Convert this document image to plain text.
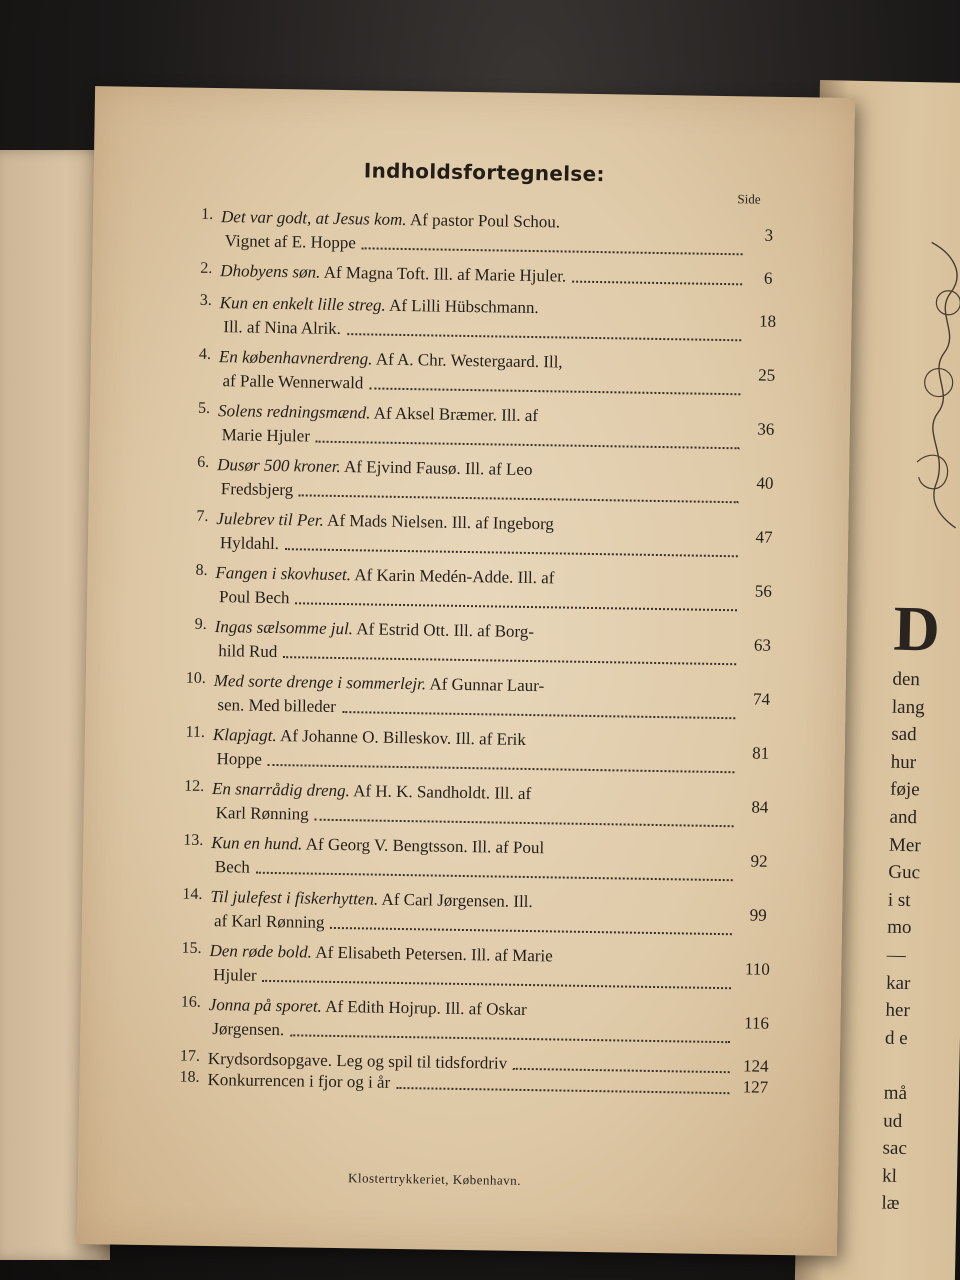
D
den
lang
sad
hur
føje
and
Mer
Guc
i st
mo
—
kar
her
d e

må
ud
sac
kl
læ
Indholdsfortegnelse:
Side
1. Det var godt, at Jesus kom. Af pastor Poul Schou.
Vignet af E. Hoppe	3
2. Dhobyens søn. Af Magna Toft. Ill. af Marie Hjuler.	6
3. Kun en enkelt lille streg. Af Lilli Hübschmann.
Ill. af Nina Alrik.	18
4. En københavnerdreng. Af A. Chr. Westergaard. Ill,
af Palle Wennerwald	25
5. Solens redningsmænd. Af Aksel Bræmer. Ill. af
Marie Hjuler	36
6. Dusør 500 kroner. Af Ejvind Fausø. Ill. af Leo
Fredsbjerg	40
7. Julebrev til Per. Af Mads Nielsen. Ill. af Ingeborg
Hyldahl.	47
8. Fangen i skovhuset. Af Karin Medén-Adde. Ill. af
Poul Bech	56
9. Ingas sælsomme jul. Af Estrid Ott. Ill. af Borg-
hild Rud	63
10. Med sorte drenge i sommerlejr. Af Gunnar Laur-
sen. Med billeder	74
11. Klapjagt. Af Johanne O. Billeskov. Ill. af Erik
Hoppe	81
12. En snarrådig dreng. Af H. K. Sandholdt. Ill. af
Karl Rønning	84
13. Kun en hund. Af Georg V. Bengtsson. Ill. af Poul
Bech	92
14. Til julefest i fiskerhytten. Af Carl Jørgensen. Ill.
af Karl Rønning	99
15. Den røde bold. Af Elisabeth Petersen. Ill. af Marie
Hjuler	110
16. Jonna på sporet. Af Edith Hojrup. Ill. af Oskar
Jørgensen.	116
17. Krydsordsopgave. Leg og spil til tidsfordriv	124
18. Konkurrencen i fjor og i år	127
Klostertrykkeriet, København.
